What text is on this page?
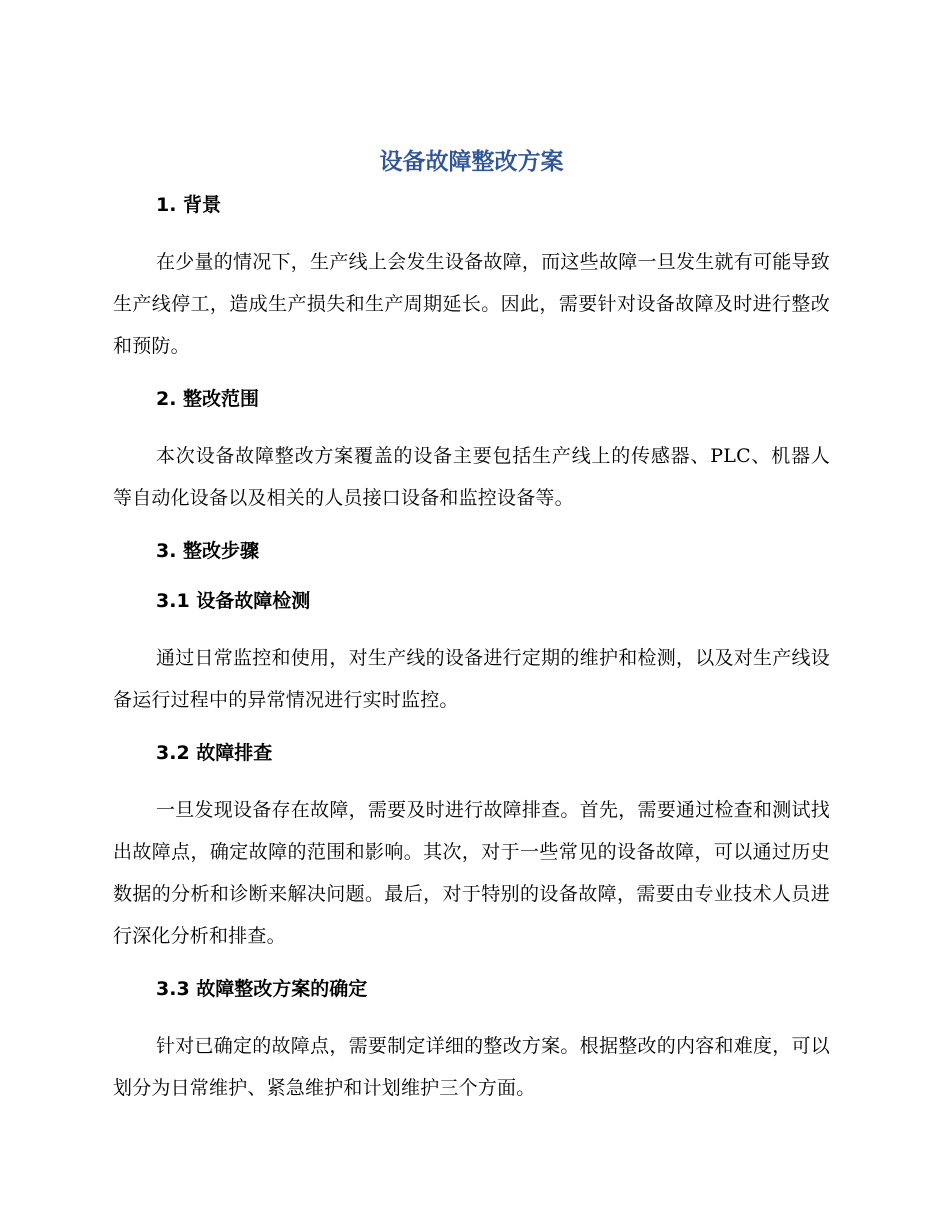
设备故障整改方案
1. 背景

在少量的情况下，生产线上会发生设备故障，而这些故障一旦发生就有可能导致生产线停工，造成生产损失和生产周期延长。因此，需要针对设备故障及时进行整改和预防。

2. 整改范围

本次设备故障整改方案覆盖的设备主要包括生产线上的传感器、PLC、机器人等自动化设备以及相关的人员接口设备和监控设备等。

3. 整改步骤
3.1 设备故障检测

通过日常监控和使用，对生产线的设备进行定期的维护和检测，以及对生产线设备运行过程中的异常情况进行实时监控。

3.2 故障排查

一旦发现设备存在故障，需要及时进行故障排查。首先，需要通过检查和测试找出故障点，确定故障的范围和影响。其次，对于一些常见的设备故障，可以通过历史数据的分析和诊断来解决问题。最后，对于特别的设备故障，需要由专业技术人员进行深化分析和排查。

3.3 故障整改方案的确定

针对已确定的故障点，需要制定详细的整改方案。根据整改的内容和难度，可以划分为日常维护、紧急维护和计划维护三个方面。
